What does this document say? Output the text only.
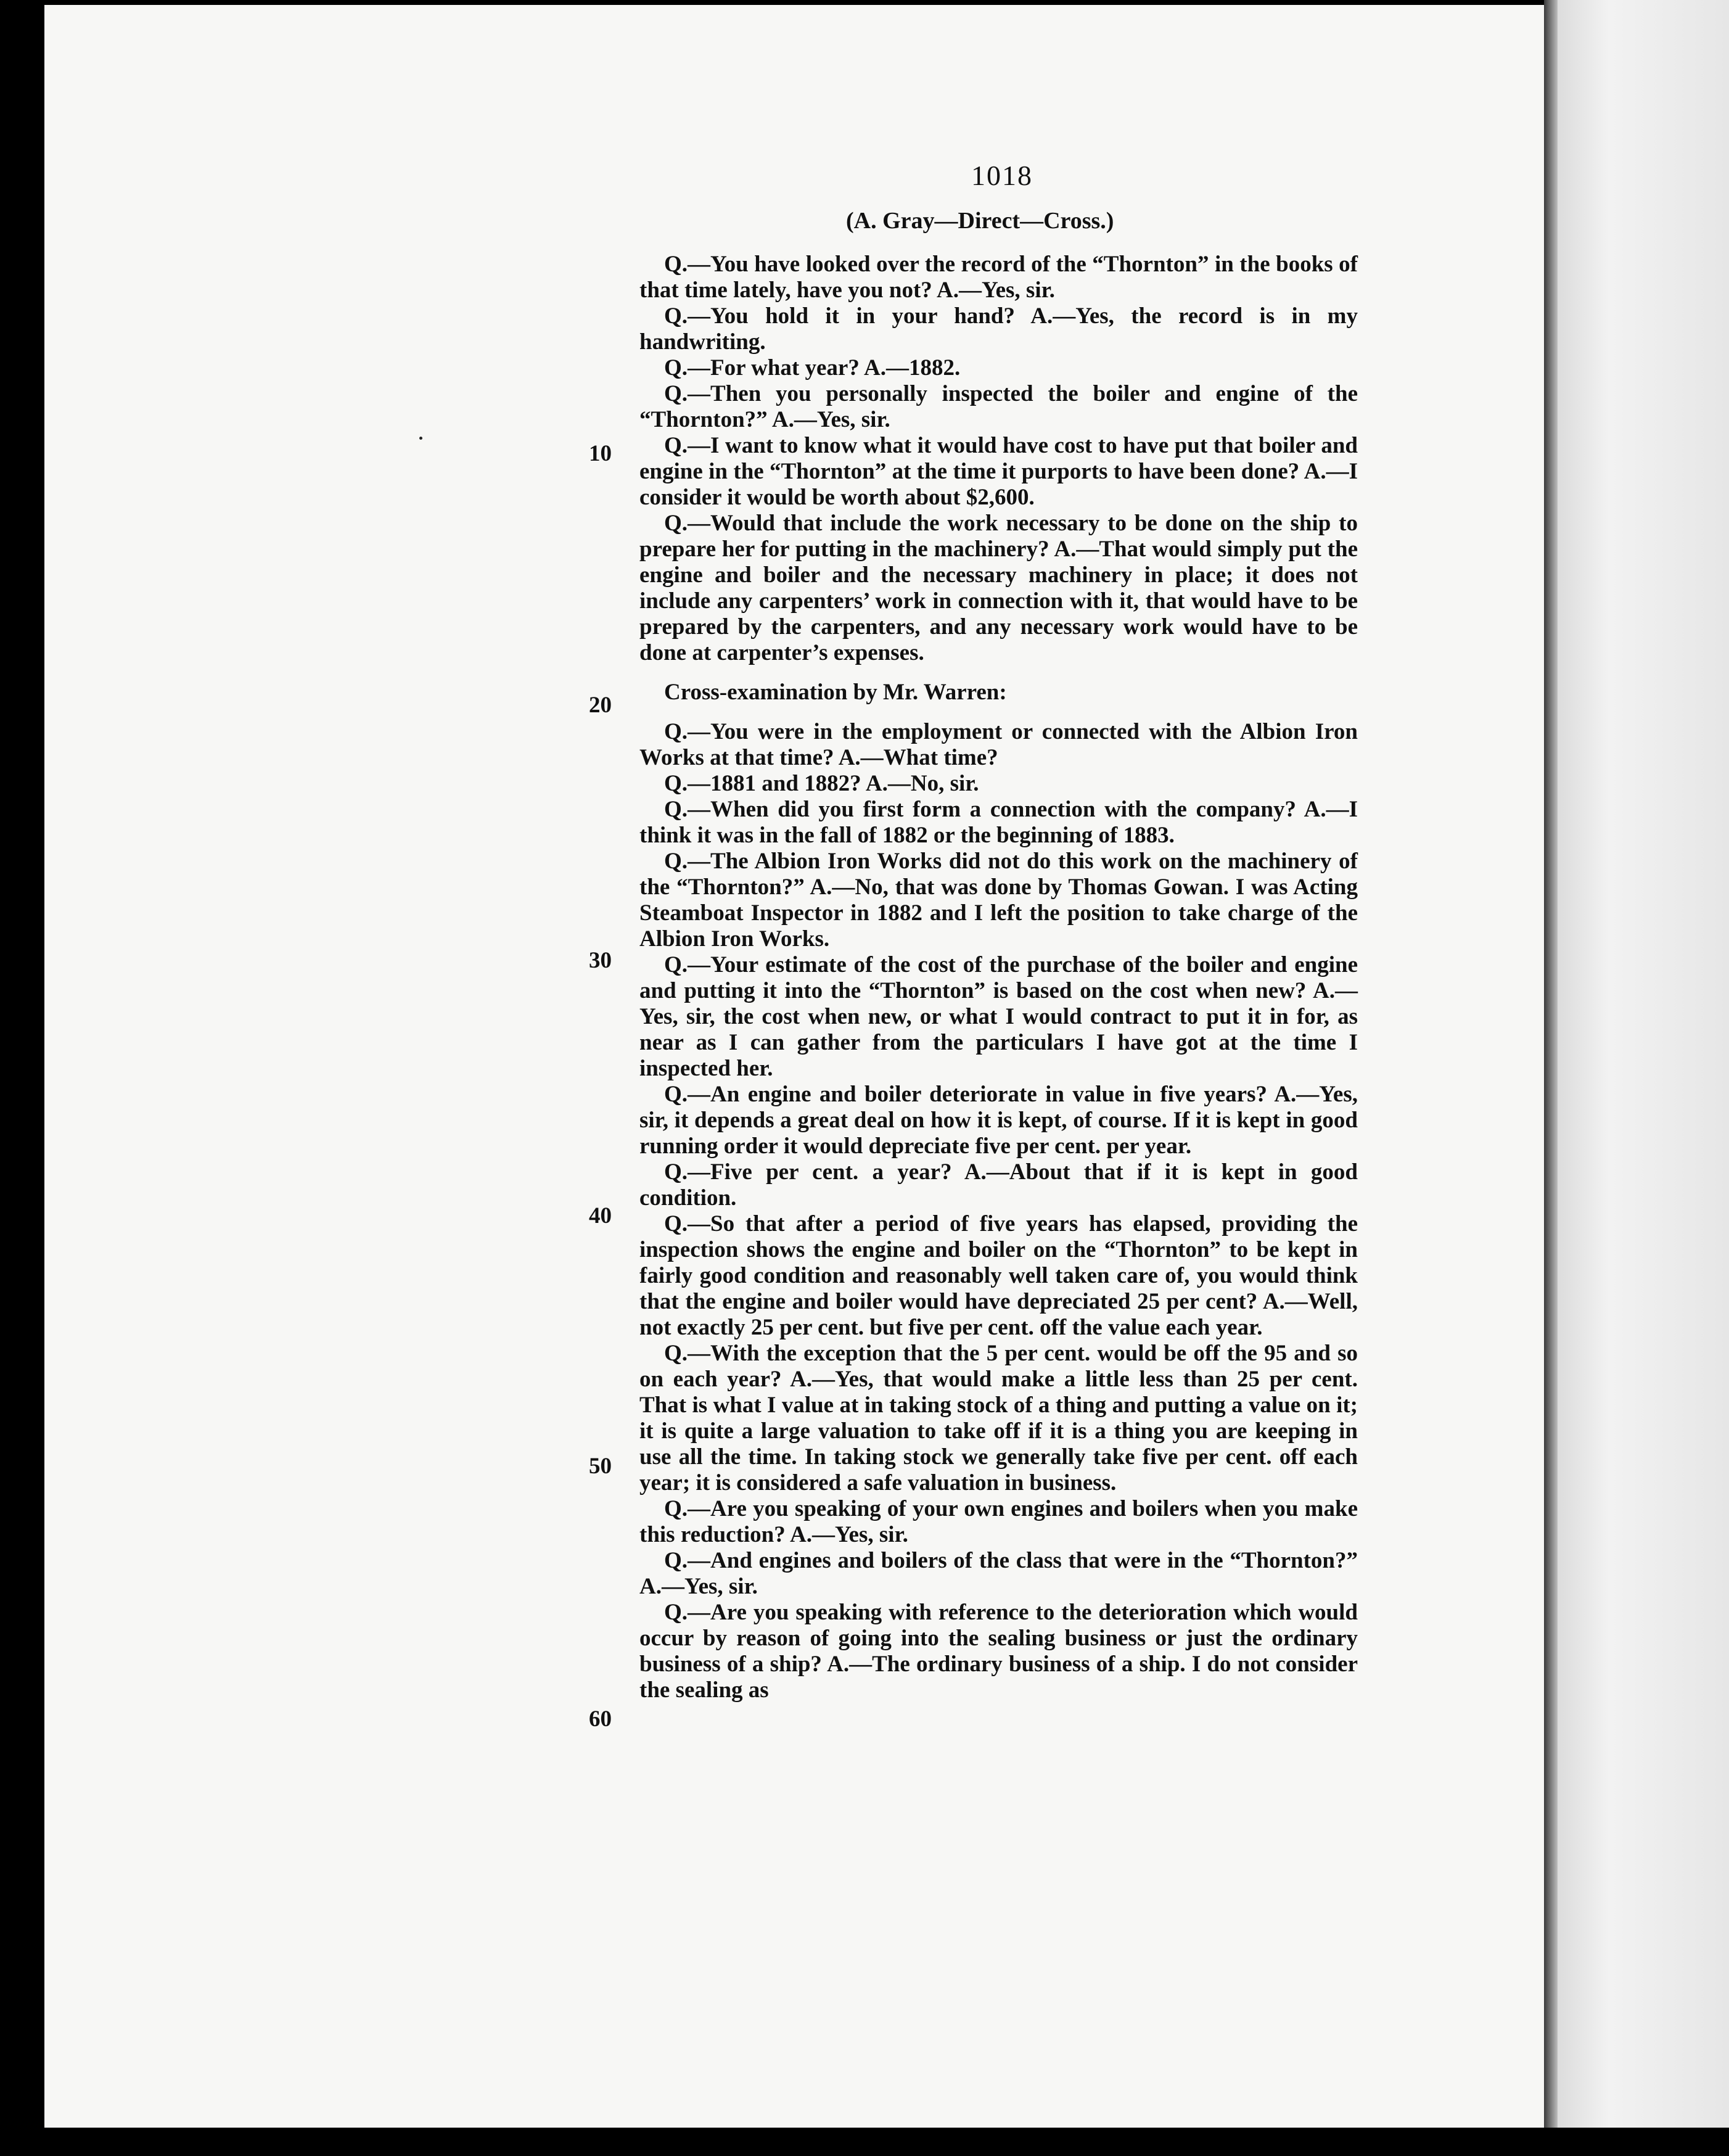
1018
(A. Gray—Direct—Cross.)
10
20
30
40
50
60

Q.—You have looked over the record of the “Thornton” in the books of that time lately, have you not? A.—Yes, sir.

Q.—You hold it in your hand? A.—Yes, the record is in my handwriting.

Q.—For what year? A.—1882.

Q.—Then you personally inspected the boiler and engine of the “Thornton?” A.—Yes, sir.

Q.—I want to know what it would have cost to have put that boiler and engine in the “Thornton” at the time it purports to have been done? A.—I consider it would be worth about $2,600.

Q.—Would that include the work necessary to be done on the ship to prepare her for putting in the machinery? A.—That would simply put the engine and boiler and the necessary machinery in place; it does not include any carpenters’ work in connection with it, that would have to be prepared by the carpenters, and any necessary work would have to be done at carpenter’s expenses.

Cross-examination by Mr. Warren:

Q.—You were in the employment or connected with the Albion Iron Works at that time? A.—What time?

Q.—1881 and 1882? A.—No, sir.

Q.—When did you first form a connection with the company? A.—I think it was in the fall of 1882 or the beginning of 1883.

Q.—The Albion Iron Works did not do this work on the machinery of the “Thornton?” A.—No, that was done by Thomas Gowan. I was Acting Steamboat Inspector in 1882 and I left the position to take charge of the Albion Iron Works.

Q.—Your estimate of the cost of the purchase of the boiler and engine and putting it into the “Thornton” is based on the cost when new? A.—Yes, sir, the cost when new, or what I would contract to put it in for, as near as I can gather from the particulars I have got at the time I inspected her.

Q.—An engine and boiler deteriorate in value in five years? A.—Yes, sir, it depends a great deal on how it is kept, of course. If it is kept in good running order it would depreciate five per cent. per year.

Q.—Five per cent. a year? A.—About that if it is kept in good condition.

Q.—So that after a period of five years has elapsed, providing the inspection shows the engine and boiler on the “Thornton” to be kept in fairly good condition and reasonably well taken care of, you would think that the engine and boiler would have depreciated 25 per cent? A.—Well, not exactly 25 per cent. but five per cent. off the value each year.

Q.—With the exception that the 5 per cent. would be off the 95 and so on each year? A.—Yes, that would make a little less than 25 per cent. That is what I value at in taking stock of a thing and putting a value on it; it is quite a large valuation to take off if it is a thing you are keeping in use all the time. In taking stock we generally take five per cent. off each year; it is considered a safe valuation in business.

Q.—Are you speaking of your own engines and boilers when you make this reduction? A.—Yes, sir.

Q.—And engines and boilers of the class that were in the “Thornton?” A.—Yes, sir.

Q.—Are you speaking with reference to the deterioration which would occur by reason of going into the sealing business or just the ordinary business of a ship? A.—The ordinary business of a ship. I do not consider the sealing as
